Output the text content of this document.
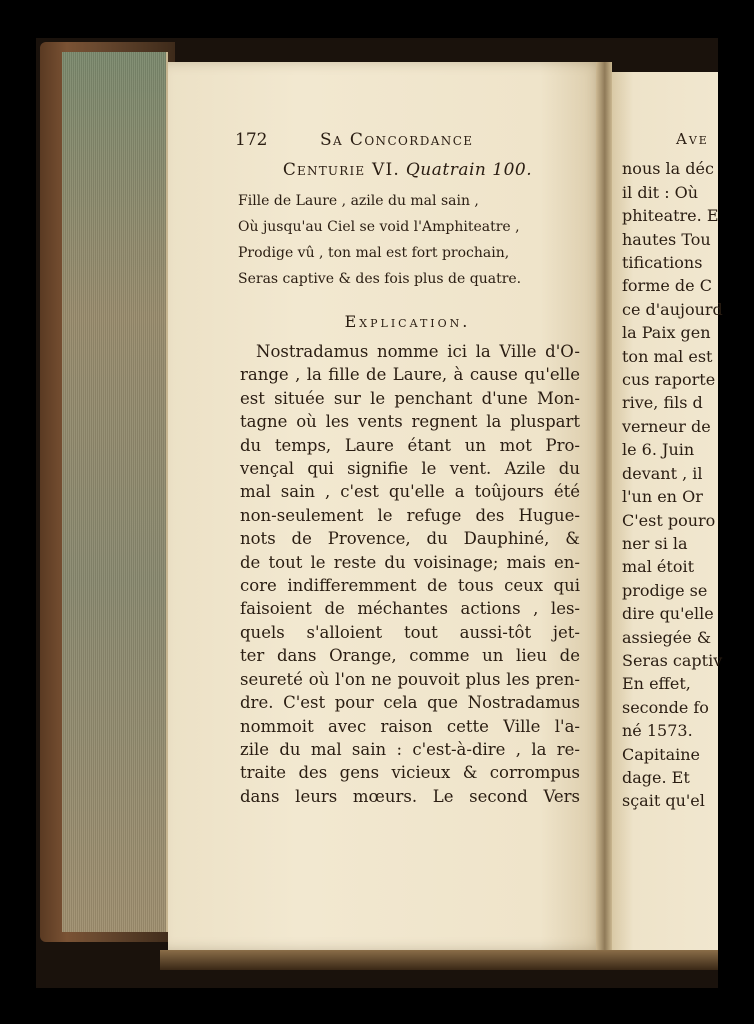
172	Sa Concordance
Centurie VI. Quatrain 100.
Fille de Laure , azile du mal sain ,
Où jusqu'au Ciel se void l'Amphiteatre ,
Prodige vû , ton mal est fort prochain,
Seras captive & des fois plus de quatre.
Explication.
Nostradamus nomme ici la Ville d'O-
range , la fille de Laure, à cause qu'elle
est située sur le penchant d'une Mon-
tagne où les vents regnent la pluspart
du temps, Laure étant un mot Pro-
vençal qui signifie le vent. Azile du
mal sain , c'est qu'elle a toûjours été
non-seulement le refuge des Hugue-
nots de Provence, du Dauphiné, &
de tout le reste du voisinage; mais en-
core indifferemment de tous ceux qui
faisoient de méchantes actions , les-
quels s'alloient tout aussi-tôt jet-
ter dans Orange, comme un lieu de
seureté où l'on ne pouvoit plus les pren-
dre. C'est pour cela que Nostradamus
nommoit avec raison cette Ville l'a-
zile du mal sain : c'est-à-dire , la re-
traite des gens vicieux & corrompus
dans leurs mœurs. Le second Vers
Ave
nous la déc
il dit : Où
phiteatre. E
hautes Tou
tifications
forme de C
ce d'aujourd
la Paix gen
ton mal est
cus raporte
rive, fils d
verneur de
le 6. Juin
devant , il
l'un en Or
C'est pouro
ner si la
mal étoit
prodige se
dire qu'elle
assiegée &
Seras captiv
En effet,
seconde fo
né 1573.
Capitaine
dage. Et
sçait qu'el
